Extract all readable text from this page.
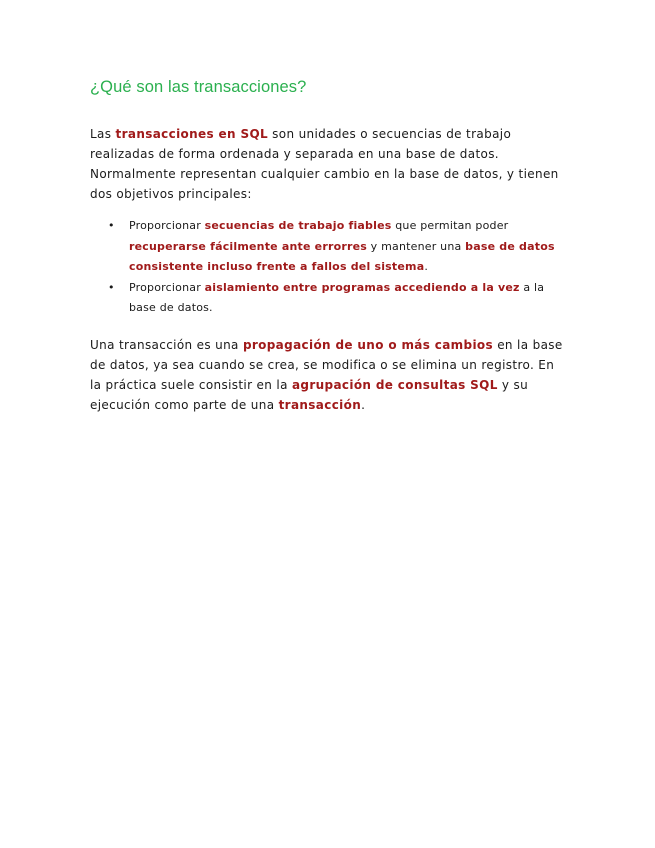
¿Qué son las transacciones?

Las transacciones en SQL son unidades o secuencias de trabajo realizadas de forma ordenada y separada en una base de datos. Normalmente representan cualquier cambio en la base de datos, y tienen dos objetivos principales:

• Proporcionar secuencias de trabajo fiables que permitan poder recuperarse fácilmente ante errorres y mantener una base de datos consistente incluso frente a fallos del sistema.
• Proporcionar aislamiento entre programas accediendo a la vez a la base de datos.

Una transacción es una propagación de uno o más cambios en la base de datos, ya sea cuando se crea, se modifica o se elimina un registro. En la práctica suele consistir en la agrupación de consultas SQL y su ejecución como parte de una transacción.
